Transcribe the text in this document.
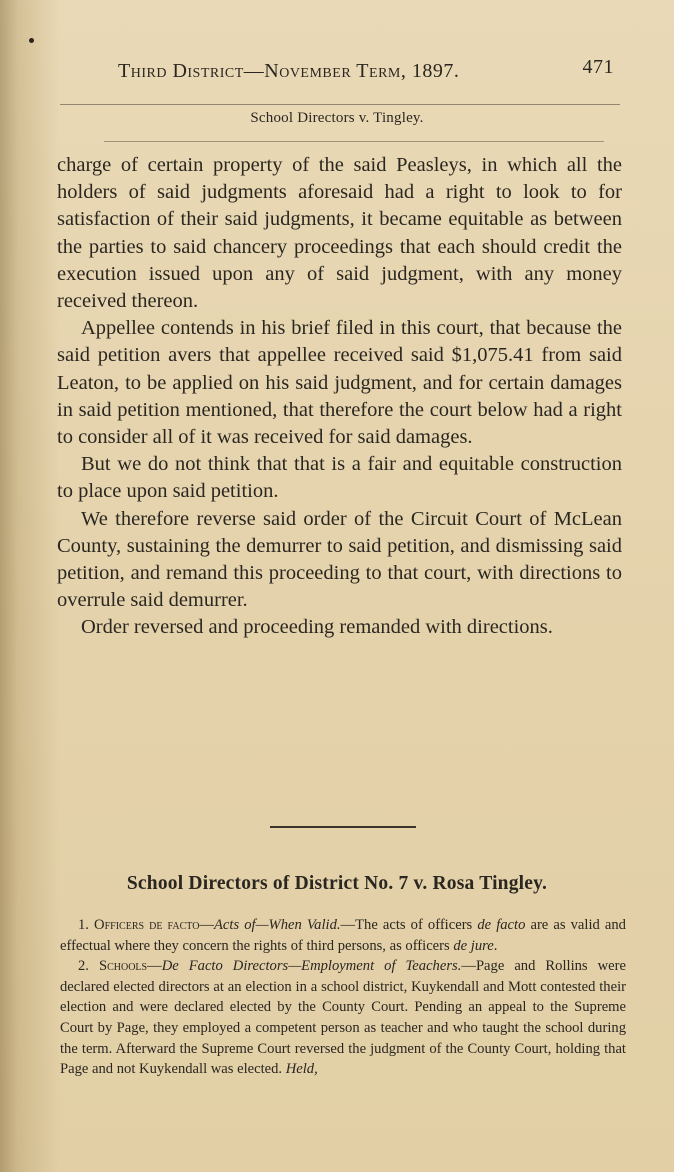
Third District—November Term, 1897.	471
School Directors v. Tingley.

charge of certain property of the said Peasleys, in which all the holders of said judgments aforesaid had a right to look to for satisfaction of their said judgments, it became equitable as between the parties to said chancery proceedings that each should credit the execution issued upon any of said judgment, with any money received thereon.

Appellee contends in his brief filed in this court, that because the said petition avers that appellee received said $1,075.41 from said Leaton, to be applied on his said judgment, and for certain damages in said petition mentioned, that therefore the court below had a right to consider all of it was received for said damages.

But we do not think that that is a fair and equitable construction to place upon said petition.

We therefore reverse said order of the Circuit Court of McLean County, sustaining the demurrer to said petition, and dismissing said petition, and remand this proceeding to that court, with directions to overrule said demurrer.

Order reversed and proceeding remanded with directions.

School Directors of District No. 7 v. Rosa Tingley.

1. Officers de facto—Acts of—When Valid.—The acts of officers de facto are as valid and effectual where they concern the rights of third persons, as officers de jure.

2. Schools—De Facto Directors—Employment of Teachers.—Page and Rollins were declared elected directors at an election in a school district, Kuykendall and Mott contested their election and were declared elected by the County Court. Pending an appeal to the Supreme Court by Page, they employed a competent person as teacher and who taught the school during the term. Afterward the Supreme Court reversed the judgment of the County Court, holding that Page and not Kuykendall was elected. Held,
